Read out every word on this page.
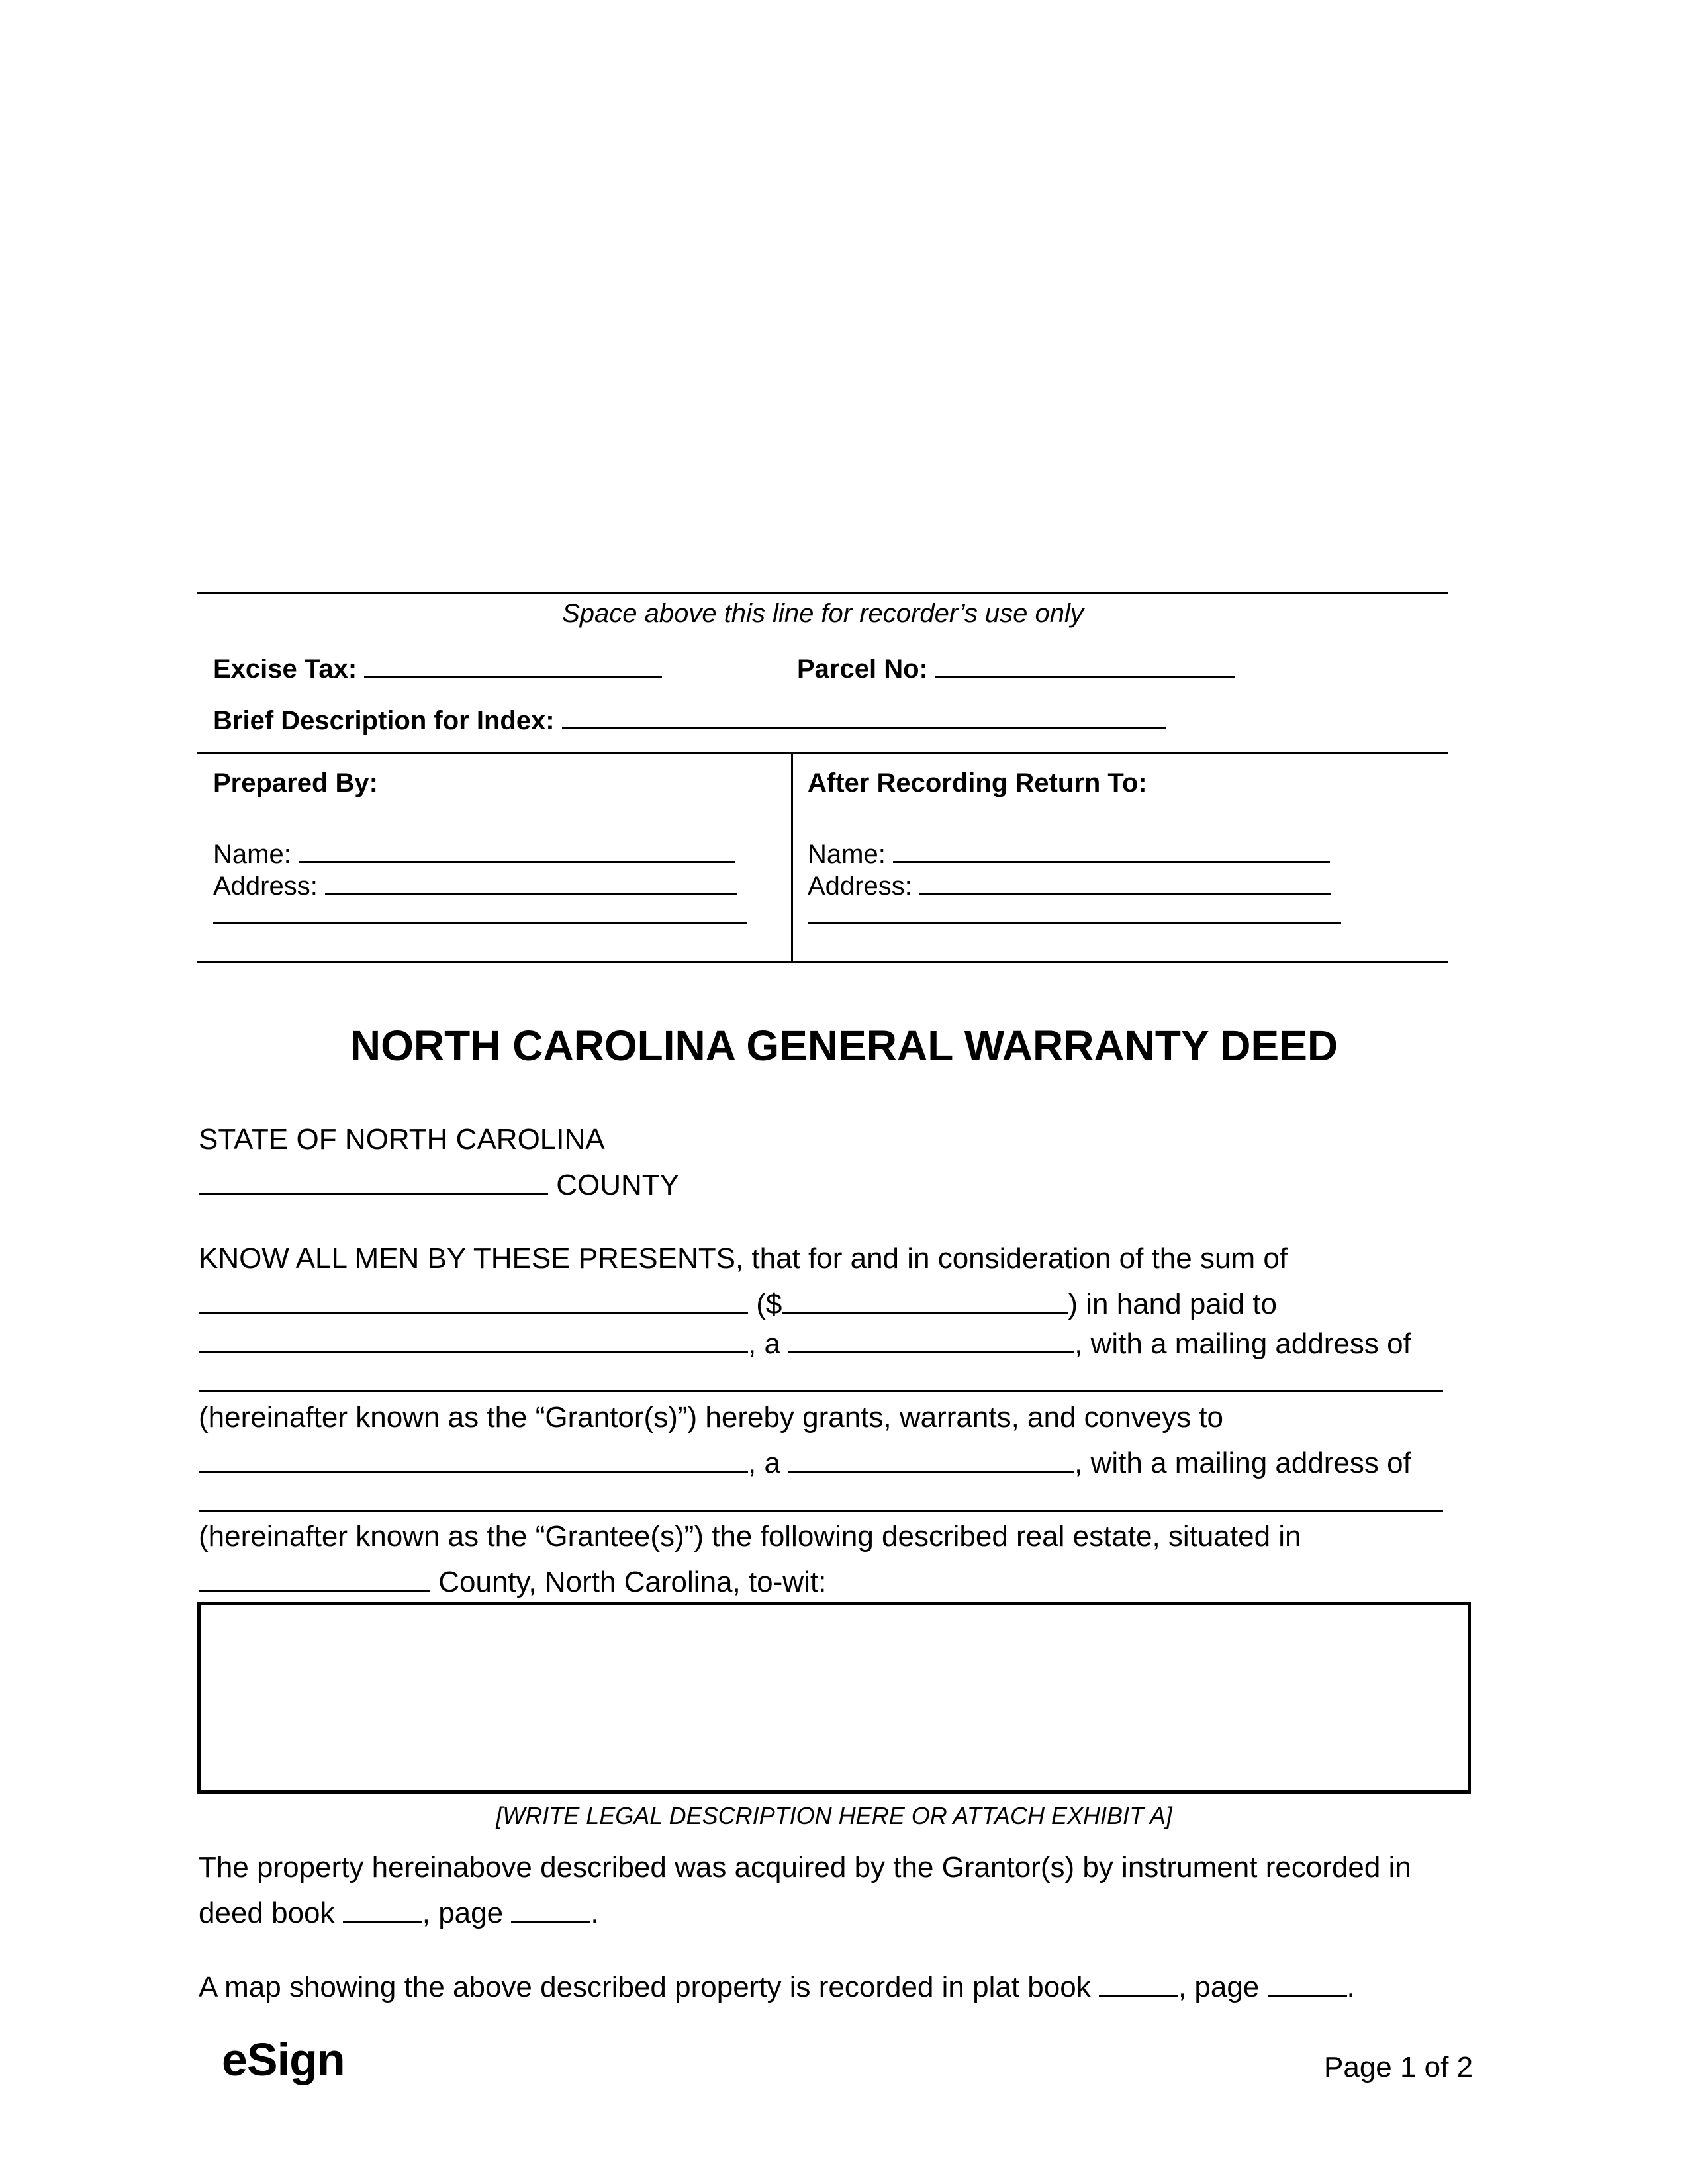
Space above this line for recorder’s use only
Excise Tax:	Parcel No:
Brief Description for Index:
Prepared By:
Name:
Address:
After Recording Return To:
Name:
Address:
NORTH CAROLINA GENERAL WARRANTY DEED
STATE OF NORTH CAROLINA
COUNTY
KNOW ALL MEN BY THESE PRESENTS, that for and in consideration of the sum of
($	) in hand paid to
, a	, with a mailing address of
(hereinafter known as the “Grantor(s)”) hereby grants, warrants, and conveys to
, a	, with a mailing address of
(hereinafter known as the “Grantee(s)”) the following described real estate, situated in
County, North Carolina, to-wit:
[WRITE LEGAL DESCRIPTION HERE OR ATTACH EXHIBIT A]
The property hereinabove described was acquired by the Grantor(s) by instrument recorded in
deed book	, page	.
A map showing the above described property is recorded in plat book	, page	.
eSign	Page 1 of 2
